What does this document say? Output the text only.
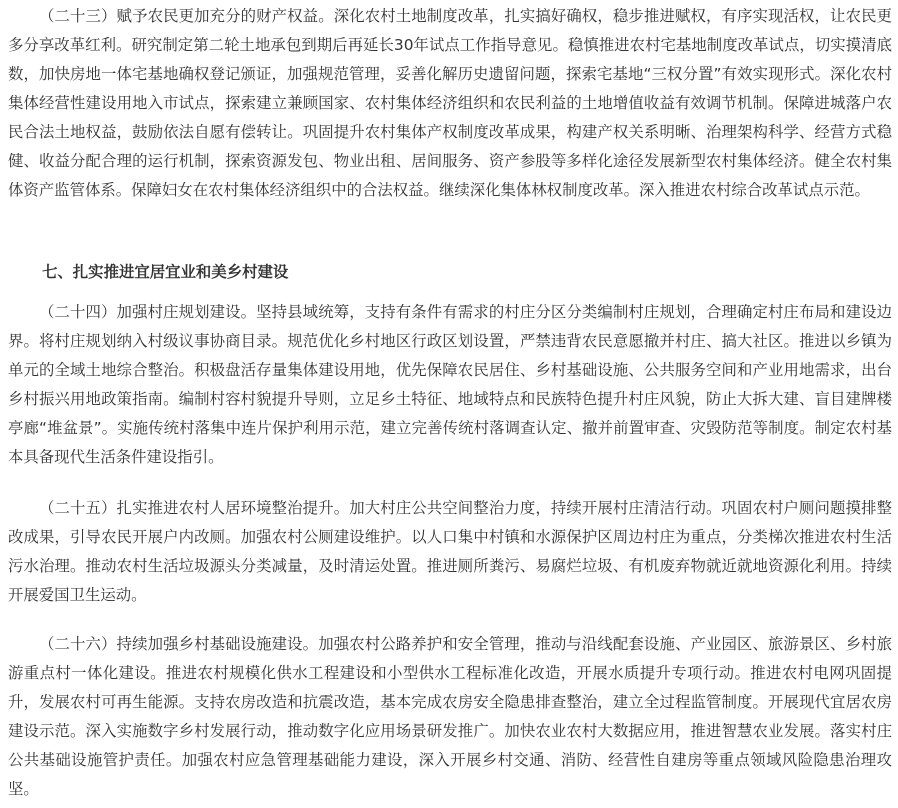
（二十三）赋予农民更加充分的财产权益。深化农村土地制度改革，扎实搞好确权，稳步推进赋权，有序实现活权，让农民更多分享改革红利。研究制定第二轮土地承包到期后再延长30年试点工作指导意见。稳慎推进农村宅基地制度改革试点，切实摸清底数，加快房地一体宅基地确权登记颁证，加强规范管理，妥善化解历史遗留问题，探索宅基地“三权分置”有效实现形式。深化农村集体经营性建设用地入市试点，探索建立兼顾国家、农村集体经济组织和农民利益的土地增值收益有效调节机制。保障进城落户农民合法土地权益，鼓励依法自愿有偿转让。巩固提升农村集体产权制度改革成果，构建产权关系明晰、治理架构科学、经营方式稳健、收益分配合理的运行机制，探索资源发包、物业出租、居间服务、资产参股等多样化途径发展新型农村集体经济。健全农村集体资产监管体系。保障妇女在农村集体经济组织中的合法权益。继续深化集体林权制度改革。深入推进农村综合改革试点示范。

七、扎实推进宜居宜业和美乡村建设

（二十四）加强村庄规划建设。坚持县域统筹，支持有条件有需求的村庄分区分类编制村庄规划，合理确定村庄布局和建设边界。将村庄规划纳入村级议事协商目录。规范优化乡村地区行政区划设置，严禁违背农民意愿撤并村庄、搞大社区。推进以乡镇为单元的全域土地综合整治。积极盘活存量集体建设用地，优先保障农民居住、乡村基础设施、公共服务空间和产业用地需求，出台乡村振兴用地政策指南。编制村容村貌提升导则，立足乡土特征、地域特点和民族特色提升村庄风貌，防止大拆大建、盲目建牌楼亭廊“堆盆景”。实施传统村落集中连片保护利用示范，建立完善传统村落调查认定、撤并前置审查、灾毁防范等制度。制定农村基本具备现代生活条件建设指引。

（二十五）扎实推进农村人居环境整治提升。加大村庄公共空间整治力度，持续开展村庄清洁行动。巩固农村户厕问题摸排整改成果，引导农民开展户内改厕。加强农村公厕建设维护。以人口集中村镇和水源保护区周边村庄为重点，分类梯次推进农村生活污水治理。推动农村生活垃圾源头分类减量，及时清运处置。推进厕所粪污、易腐烂垃圾、有机废弃物就近就地资源化利用。持续开展爱国卫生运动。

（二十六）持续加强乡村基础设施建设。加强农村公路养护和安全管理，推动与沿线配套设施、产业园区、旅游景区、乡村旅游重点村一体化建设。推进农村规模化供水工程建设和小型供水工程标准化改造，开展水质提升专项行动。推进农村电网巩固提升，发展农村可再生能源。支持农房改造和抗震改造，基本完成农房安全隐患排查整治，建立全过程监管制度。开展现代宜居农房建设示范。深入实施数字乡村发展行动，推动数字化应用场景研发推广。加快农业农村大数据应用，推进智慧农业发展。落实村庄公共基础设施管护责任。加强农村应急管理基础能力建设，深入开展乡村交通、消防、经营性自建房等重点领域风险隐患治理攻坚。
